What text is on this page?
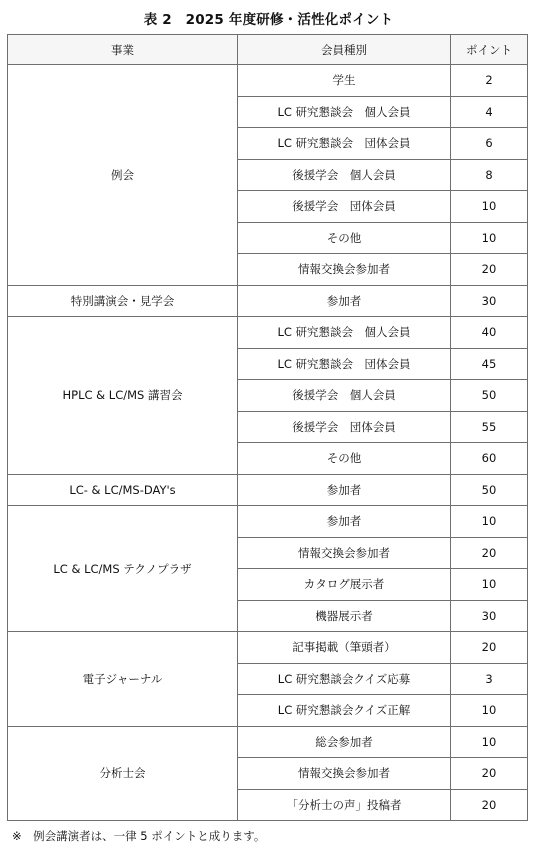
表 2　2025 年度研修・活性化ポイント
事業	会員種別	ポイント
例会	学生	2
	LC 研究懇談会　個人会員	4
	LC 研究懇談会　団体会員	6
	後援学会　個人会員	8
	後援学会　団体会員	10
	その他	10
	情報交換会参加者	20
特別講演会・見学会	参加者	30
HPLC & LC/MS 講習会	LC 研究懇談会　個人会員	40
	LC 研究懇談会　団体会員	45
	後援学会　個人会員	50
	後援学会　団体会員	55
	その他	60
LC- & LC/MS-DAY's	参加者	50
LC & LC/MS テクノプラザ	参加者	10
	情報交換会参加者	20
	カタログ展示者	10
	機器展示者	30
電子ジャーナル	記事掲載（筆頭者）	20
	LC 研究懇談会クイズ応募	3
	LC 研究懇談会クイズ正解	10
分析士会	総会参加者	10
	情報交換会参加者	20
	「分析士の声」投稿者	20
※　例会講演者は、一律 5 ポイントと成ります。
